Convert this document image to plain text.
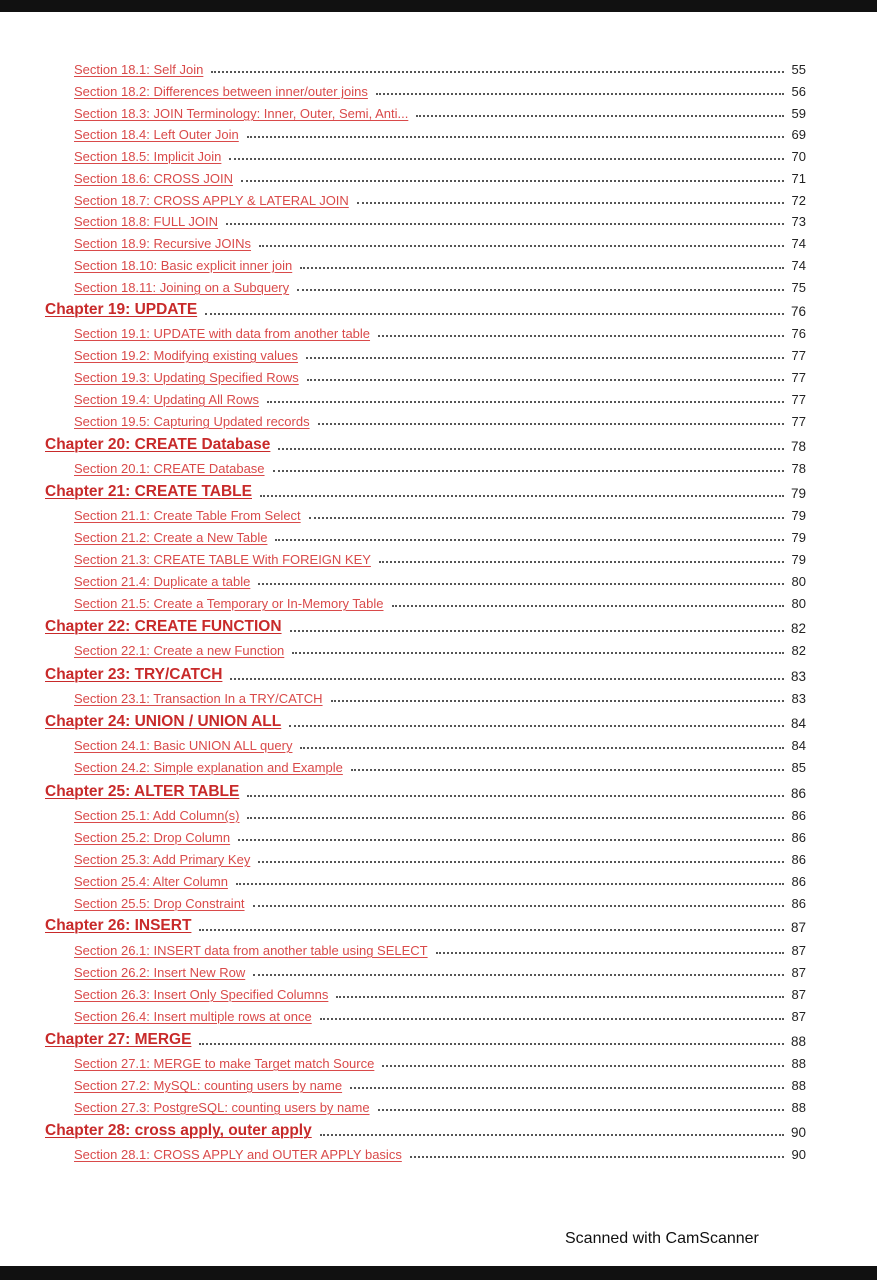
Section 18.1: Self Join	55
Section 18.2: Differences between inner/outer joins	56
Section 18.3: JOIN Terminology: Inner, Outer, Semi, Anti...	59
Section 18.4: Left Outer Join	69
Section 18.5: Implicit Join	70
Section 18.6: CROSS JOIN	71
Section 18.7: CROSS APPLY & LATERAL JOIN	72
Section 18.8: FULL JOIN	73
Section 18.9: Recursive JOINs	74
Section 18.10: Basic explicit inner join	74
Section 18.11: Joining on a Subquery	75
Chapter 19: UPDATE	76
Section 19.1: UPDATE with data from another table	76
Section 19.2: Modifying existing values	77
Section 19.3: Updating Specified Rows	77
Section 19.4: Updating All Rows	77
Section 19.5: Capturing Updated records	77
Chapter 20: CREATE Database	78
Section 20.1: CREATE Database	78
Chapter 21: CREATE TABLE	79
Section 21.1: Create Table From Select	79
Section 21.2: Create a New Table	79
Section 21.3: CREATE TABLE With FOREIGN KEY	79
Section 21.4: Duplicate a table	80
Section 21.5: Create a Temporary or In-Memory Table	80
Chapter 22: CREATE FUNCTION	82
Section 22.1: Create a new Function	82
Chapter 23: TRY/CATCH	83
Section 23.1: Transaction In a TRY/CATCH	83
Chapter 24: UNION / UNION ALL	84
Section 24.1: Basic UNION ALL query	84
Section 24.2: Simple explanation and Example	85
Chapter 25: ALTER TABLE	86
Section 25.1: Add Column(s)	86
Section 25.2: Drop Column	86
Section 25.3: Add Primary Key	86
Section 25.4: Alter Column	86
Section 25.5: Drop Constraint	86
Chapter 26: INSERT	87
Section 26.1: INSERT data from another table using SELECT	87
Section 26.2: Insert New Row	87
Section 26.3: Insert Only Specified Columns	87
Section 26.4: Insert multiple rows at once	87
Chapter 27: MERGE	88
Section 27.1: MERGE to make Target match Source	88
Section 27.2: MySQL: counting users by name	88
Section 27.3: PostgreSQL: counting users by name	88
Chapter 28: cross apply, outer apply	90
Section 28.1: CROSS APPLY and OUTER APPLY basics	90
Scanned with CamScanner
